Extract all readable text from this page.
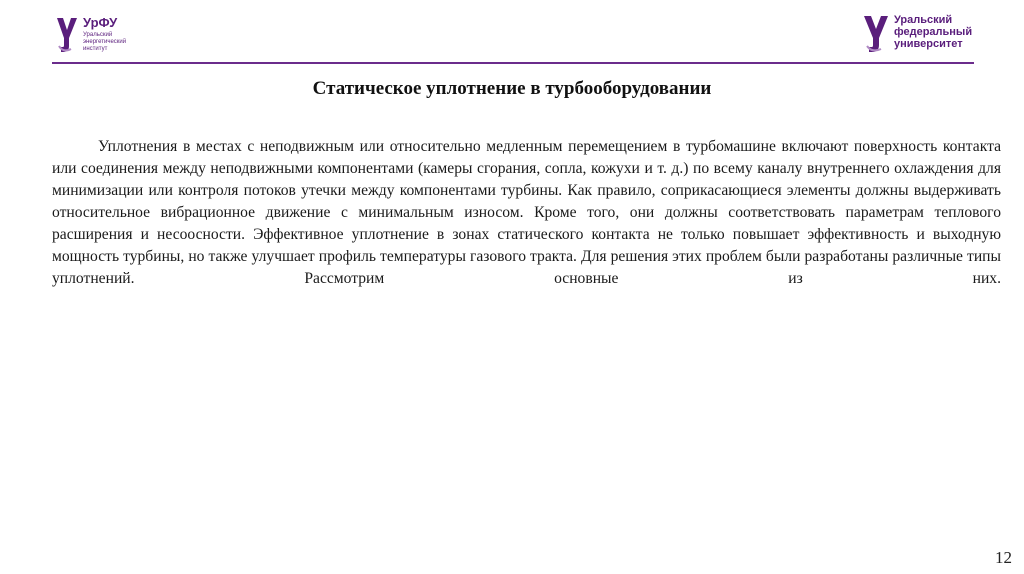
УрФУ
Уральский
энергетический
институт
Уральский
федеральный
университет
Статическое уплотнение в турбооборудовании

Уплотнения в местах с неподвижным или относительно медленным перемещением в турбомашине включают поверхность контакта или соединения между неподвижными компонентами (камеры сгорания, сопла, кожухи и т. д.) по всему каналу внутреннего охлаждения для минимизации или контроля потоков утечки между компонентами турбины. Как правило, соприкасающиеся элементы должны выдерживать относительное вибрационное движение с минимальным износом. Кроме того, они должны соответствовать параметрам теплового расширения и несоосности. Эффективное уплотнение в зонах статического контакта не только повышает эффективность и выходную мощность турбины, но также улучшает профиль температуры газового тракта. Для решения этих проблем были разработаны различные типы уплотнений. Рассмотрим основные из них.

12
